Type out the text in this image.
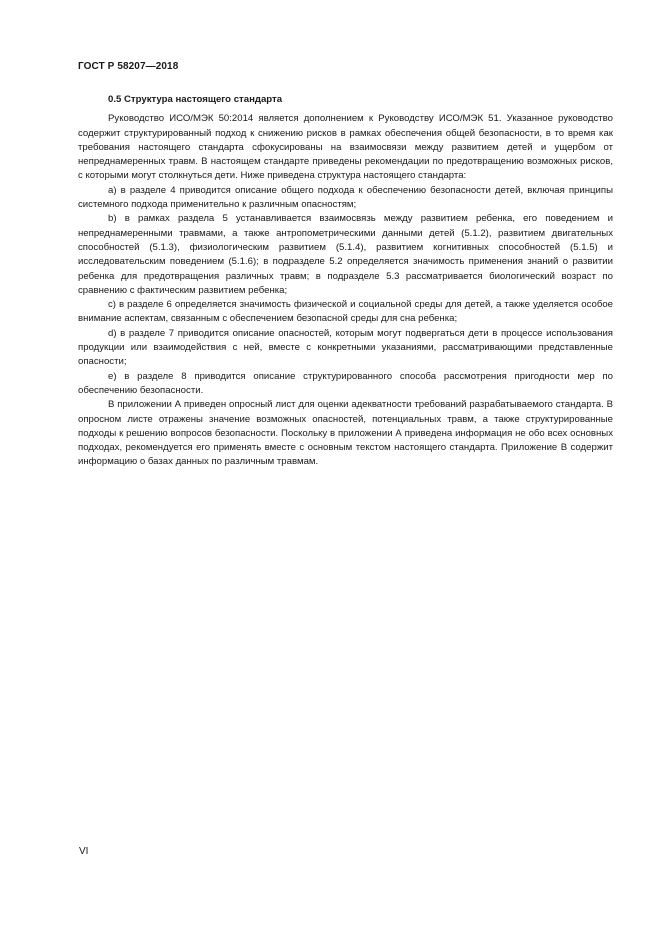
ГОСТ Р 58207—2018

0.5 Структура настоящего стандарта

Руководство ИСО/МЭК 50:2014 является дополнением к Руководству ИСО/МЭК 51. Указанное руководство содержит структурированный подход к снижению рисков в рамках обеспечения общей безопасности, в то время как требования настоящего стандарта сфокусированы на взаимосвязи между развитием детей и ущербом от непреднамеренных травм. В настоящем стандарте приведены рекомендации по предотвращению возможных рисков, с которыми могут столкнуться дети. Ниже приведена структура настоящего стандарта:

а) в разделе 4 приводится описание общего подхода к обеспечению безопасности детей, включая принципы системного подхода применительно к различным опасностям;

b) в рамках раздела 5 устанавливается взаимосвязь между развитием ребенка, его поведением и непреднамеренными травмами, а также антропометрическими данными детей (5.1.2), развитием двигательных способностей (5.1.3), физиологическим развитием (5.1.4), развитием когнитивных способностей (5.1.5) и исследовательским поведением (5.1.6); в подразделе 5.2 определяется значимость применения знаний о развитии ребенка для предотвращения различных травм; в подразделе 5.3 рассматривается биологический возраст по сравнению с фактическим развитием ребенка;

с) в разделе 6 определяется значимость физической и социальной среды для детей, а также уделяется особое внимание аспектам, связанным с обеспечением безопасной среды для сна ребенка;

d) в разделе 7 приводится описание опасностей, которым могут подвергаться дети в процессе использования продукции или взаимодействия с ней, вместе с конкретными указаниями, рассматривающими представленные опасности;

е) в разделе 8 приводится описание структурированного способа рассмотрения пригодности мер по обеспечению безопасности.

В приложении А приведен опросный лист для оценки адекватности требований разрабатываемого стандарта. В опросном листе отражены значение возможных опасностей, потенциальных травм, а также структурированные подходы к решению вопросов безопасности. Поскольку в приложении А приведена информация не обо всех основных подходах, рекомендуется его применять вместе с основным текстом настоящего стандарта. Приложение В содержит информацию о базах данных по различным травмам.

VI
